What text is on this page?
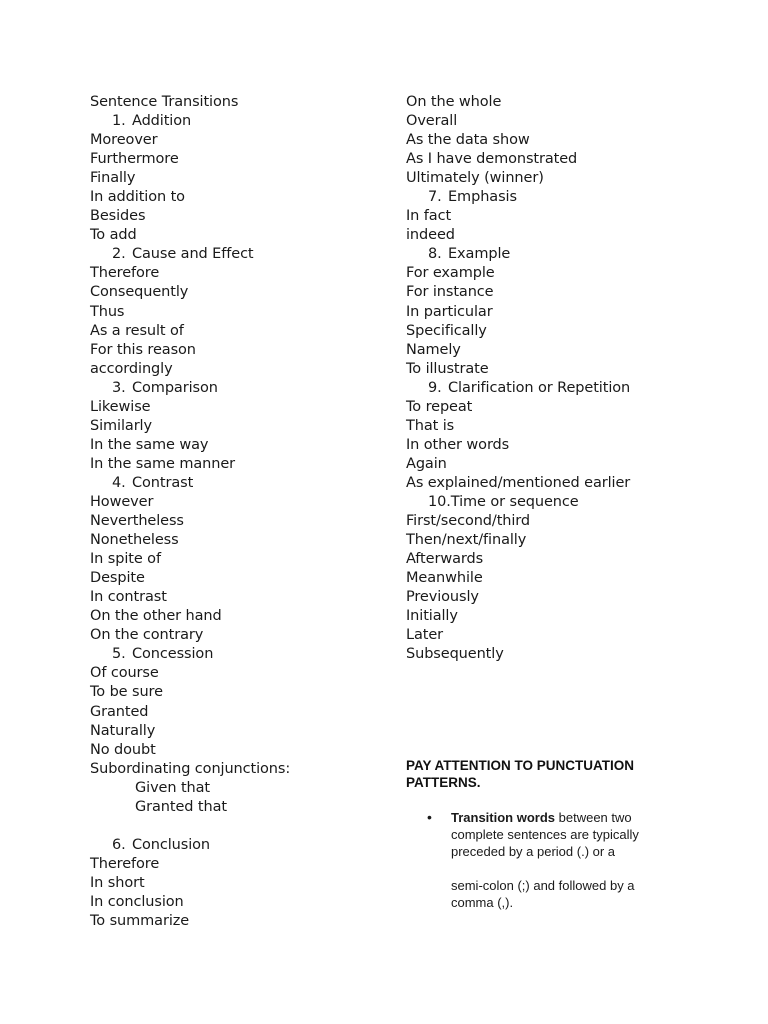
Sentence Transitions
1. Addition
Moreover
Furthermore
Finally
In addition to
Besides
To add
2. Cause and Effect
Therefore
Consequently
Thus
As a result of
For this reason
accordingly
3. Comparison
Likewise
Similarly
In the same way
In the same manner
4. Contrast
However
Nevertheless
Nonetheless
In spite of
Despite
In contrast
On the other hand
On the contrary
5. Concession
Of course
To be sure
Granted
Naturally
No doubt
Subordinating conjunctions:
Given that
Granted that
6. Conclusion
Therefore
In short
In conclusion
To summarize
On the whole
Overall
As the data show
As I have demonstrated
Ultimately (winner)
7. Emphasis
In fact
indeed
8. Example
For example
For instance
In particular
Specifically
Namely
To illustrate
9. Clarification or Repetition
To repeat
That is
In other words
Again
As explained/mentioned earlier
10.Time or sequence
First/second/third
Then/next/finally
Afterwards
Meanwhile
Previously
Initially
Later
Subsequently
PAY ATTENTION TO PUNCTUATION
PATTERNS.
• Transition words between two complete sentences are typically preceded by a period (.) or a
semi-colon (;) and followed by a comma (,).
